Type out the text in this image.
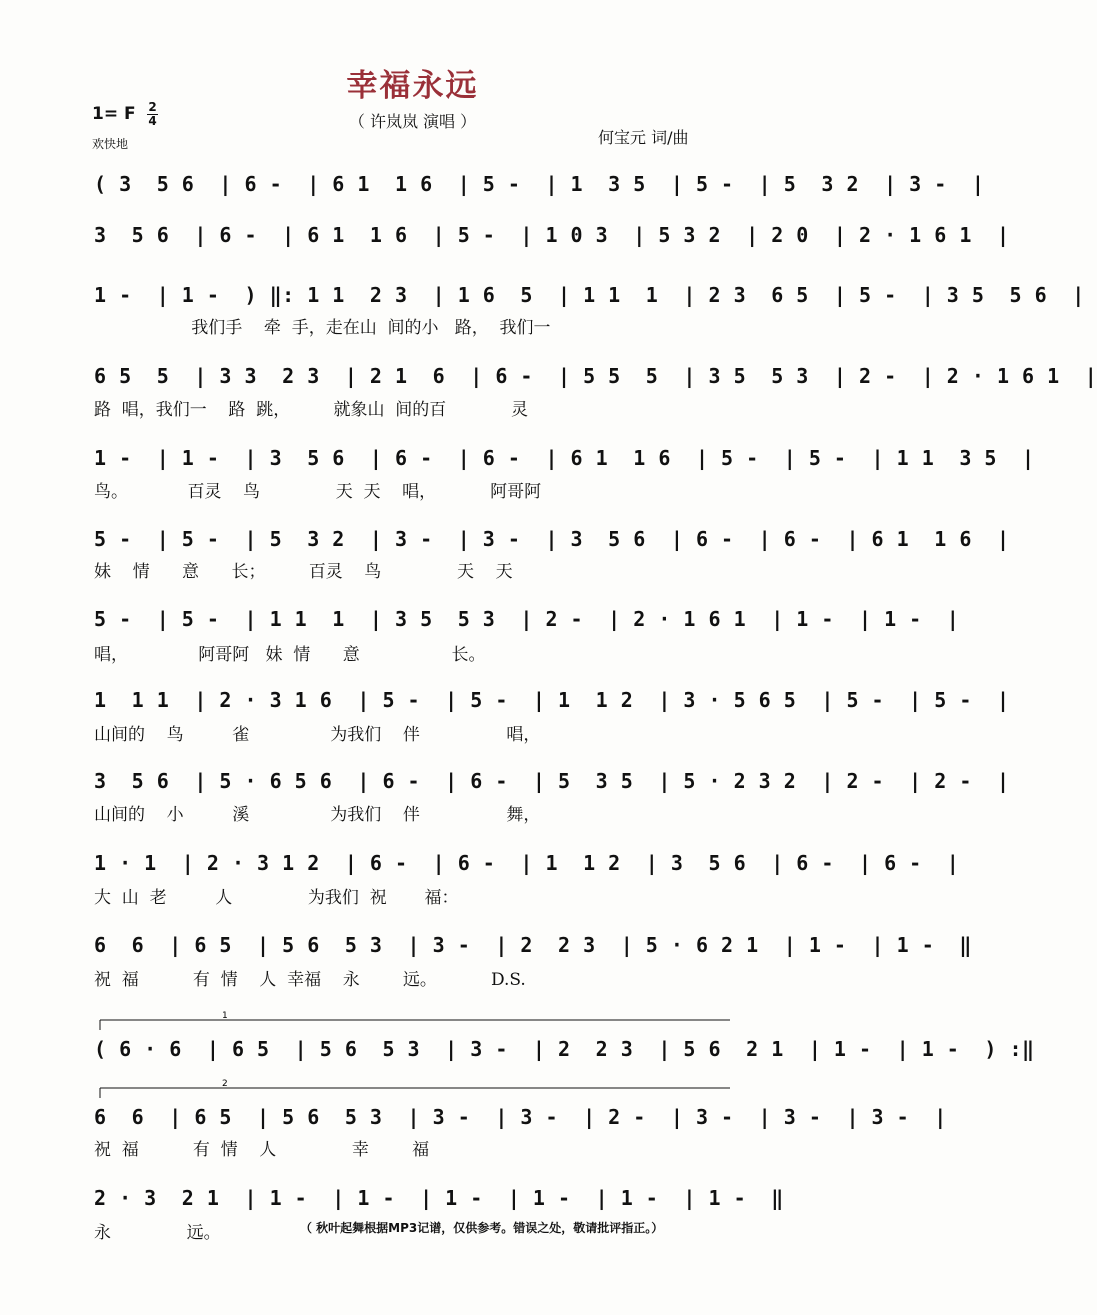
幸福永远
（ 许岚岚 演唱 ）
1= F 2
4
欢快地	何宝元 词/曲
( 3  5 6  | 6 -  | 6 1  1 6  | 5 -  | 1  3 5  | 5 -  | 5  3 2  | 3 -  |
3  5 6  | 6 -  | 6 1  1 6  | 5 -  | 1 0 3  | 5 3 2  | 2 0  | 2 · 1 6 1  |
1 -  | 1 -  ) ‖: 1 1  2 3  | 1 6  5  | 1 1  1  | 2 3  6 5  | 5 -  | 3 5  5 6  |
我们手    牵  手，走在山  间的小   路，  我们一
6 5  5  | 3 3  2 3  | 2 1  6  | 6 -  | 5 5  5  | 3 5  5 3  | 2 -  | 2 · 1 6 1  |
路  唱，我们一    路  跳，        就象山  间的百            灵
1 -  | 1 -  | 3  5 6  | 6 -  | 6 -  | 6 1  1 6  | 5 -  | 5 -  | 1 1  3 5  |
鸟。           百灵    鸟              天  天    唱，          阿哥阿
5 -  | 5 -  | 5  3 2  | 3 -  | 3 -  | 3  5 6  | 6 -  | 6 -  | 6 1  1 6  |
妹    情      意      长；        百灵    鸟              天    天
5 -  | 5 -  | 1 1  1  | 3 5  5 3  | 2 -  | 2 · 1 6 1  | 1 -  | 1 -  |
唱，             阿哥阿   妹  情      意                 长。
1  1 1  | 2 · 3 1 6  | 5 -  | 5 -  | 1  1 2  | 3 · 5 6 5  | 5 -  | 5 -  |
山间的    鸟         雀               为我们    伴                唱，
3  5 6  | 5 · 6 5 6  | 6 -  | 6 -  | 5  3 5  | 5 · 2 3 2  | 2 -  | 2 -  |
山间的    小         溪               为我们    伴                舞，
1 · 1  | 2 · 3 1 2  | 6 -  | 6 -  | 1  1 2  | 3  5 6  | 6 -  | 6 -  |
大  山  老         人              为我们  祝       福：
6  6  | 6 5  | 5 6  5 3  | 3 -  | 2  2 3  | 5 · 6 2 1  | 1 -  | 1 -  ‖
祝  福          有  情    人  幸福    永        远。          D.S.
( 6 · 6  | 6 5  | 5 6  5 3  | 3 -  | 2  2 3  | 5 6  2 1  | 1 -  | 1 -  ) :‖
6  6  | 6 5  | 5 6  5 3  | 3 -  | 3 -  | 2 -  | 3 -  | 3 -  | 3 -  |
祝  福          有  情    人              幸        福
2 · 3  2 1  | 1 -  | 1 -  | 1 -  | 1 -  | 1 -  | 1 -  ‖
永              远。
1
2
（ 秋叶起舞根据MP3记谱，仅供参考。错误之处，敬请批评指正。）
